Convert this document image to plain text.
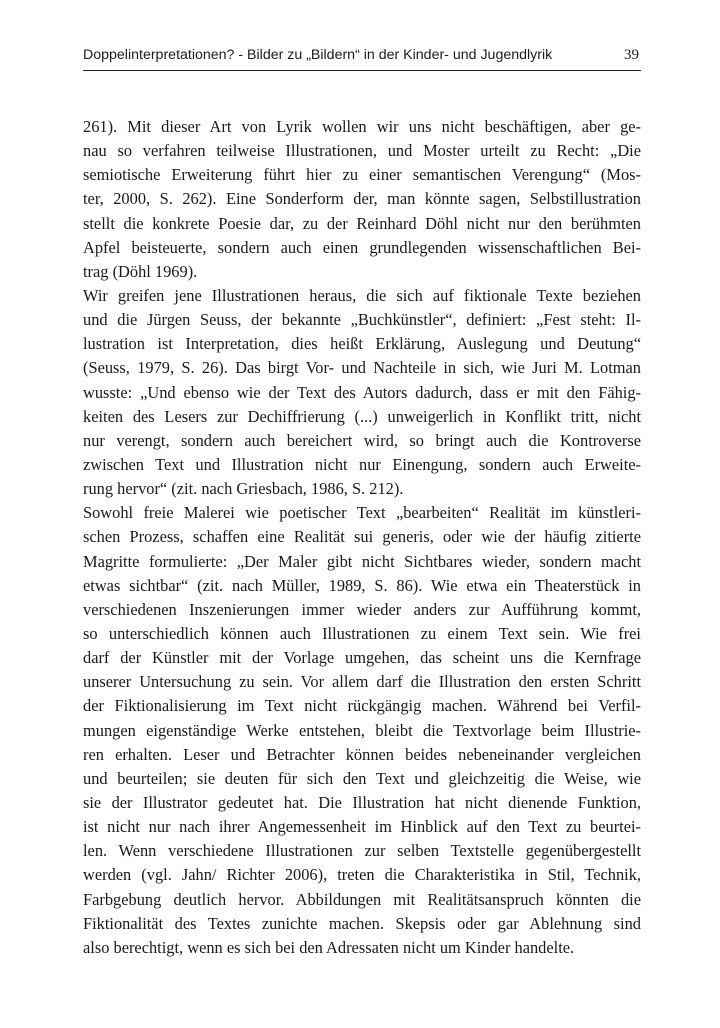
Doppelinterpretationen? - Bilder zu „Bildern“ in der Kinder- und Jugendlyrik	39
261). Mit dieser Art von Lyrik wollen wir uns nicht beschäftigen, aber ge-
nau so verfahren teilweise Illustrationen, und Moster urteilt zu Recht: „Die
semiotische Erweiterung führt hier zu einer semantischen Verengung“ (Mos-
ter, 2000, S. 262). Eine Sonderform der, man könnte sagen, Selbstillustration
stellt die konkrete Poesie dar, zu der Reinhard Döhl nicht nur den berühmten
Apfel beisteuerte, sondern auch einen grundlegenden wissenschaftlichen Bei-
trag (Döhl 1969).
Wir greifen jene Illustrationen heraus, die sich auf fiktionale Texte beziehen
und die Jürgen Seuss, der bekannte „Buchkünstler“, definiert: „Fest steht: Il-
lustration ist Interpretation, dies heißt Erklärung, Auslegung und Deutung“
(Seuss, 1979, S. 26). Das birgt Vor- und Nachteile in sich, wie Juri M. Lotman
wusste: „Und ebenso wie der Text des Autors dadurch, dass er mit den Fähig-
keiten des Lesers zur Dechiffrierung (...) unweigerlich in Konflikt tritt, nicht
nur verengt, sondern auch bereichert wird, so bringt auch die Kontroverse
zwischen Text und Illustration nicht nur Einengung, sondern auch Erweite-
rung hervor“ (zit. nach Griesbach, 1986, S. 212).
Sowohl freie Malerei wie poetischer Text „bearbeiten“ Realität im künstleri-
schen Prozess, schaffen eine Realität sui generis, oder wie der häufig zitierte
Magritte formulierte: „Der Maler gibt nicht Sichtbares wieder, sondern macht
etwas sichtbar“ (zit. nach Müller, 1989, S. 86). Wie etwa ein Theaterstück in
verschiedenen Inszenierungen immer wieder anders zur Aufführung kommt,
so unterschiedlich können auch Illustrationen zu einem Text sein. Wie frei
darf der Künstler mit der Vorlage umgehen, das scheint uns die Kernfrage
unserer Untersuchung zu sein. Vor allem darf die Illustration den ersten Schritt
der Fiktionalisierung im Text nicht rückgängig machen. Während bei Verfil-
mungen eigenständige Werke entstehen, bleibt die Textvorlage beim Illustrie-
ren erhalten. Leser und Betrachter können beides nebeneinander vergleichen
und beurteilen; sie deuten für sich den Text und gleichzeitig die Weise, wie
sie der Illustrator gedeutet hat. Die Illustration hat nicht dienende Funktion,
ist nicht nur nach ihrer Angemessenheit im Hinblick auf den Text zu beurtei-
len. Wenn verschiedene Illustrationen zur selben Textstelle gegenübergestellt
werden (vgl. Jahn/ Richter 2006), treten die Charakteristika in Stil, Technik,
Farbgebung deutlich hervor. Abbildungen mit Realitätsanspruch könnten die
Fiktionalität des Textes zunichte machen. Skepsis oder gar Ablehnung sind
also berechtigt, wenn es sich bei den Adressaten nicht um Kinder handelte.
